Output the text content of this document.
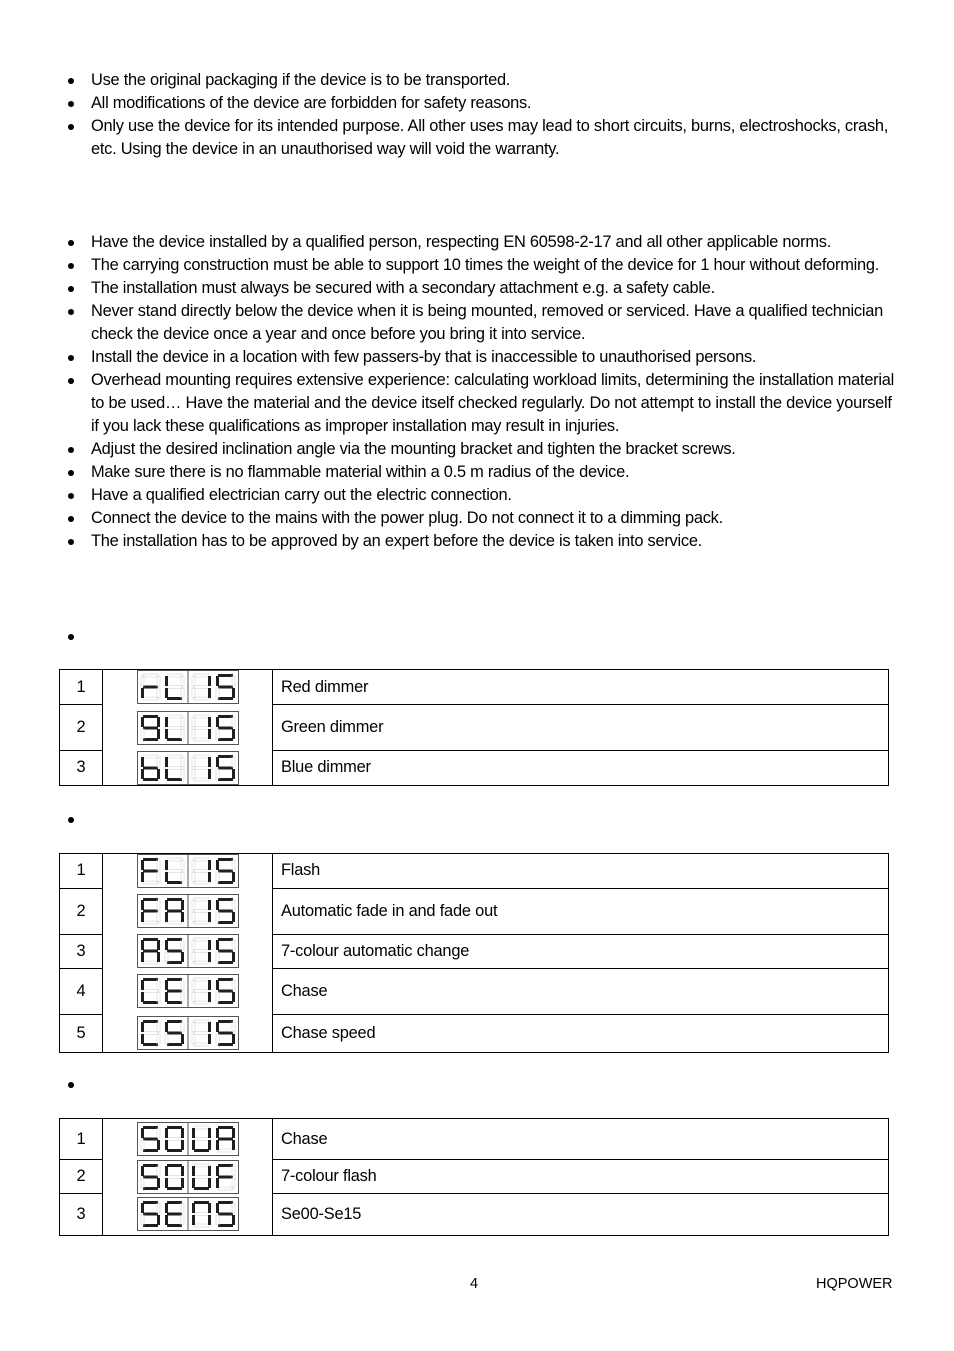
Use the original packaging if the device is to be transported.
All modifications of the device are forbidden for safety reasons.
Only use the device for its intended purpose. All other uses may lead to short circuits, burns, electroshocks, crash, etc. Using the device in an unauthorised way will void the warranty.
Have the device installed by a qualified person, respecting EN 60598-2-17 and all other applicable norms.
The carrying construction must be able to support 10 times the weight of the device for 1 hour without deforming.
The installation must always be secured with a secondary attachment e.g. a safety cable.
Never stand directly below the device when it is being mounted, removed or serviced. Have a qualified technician check the device once a year and once before you bring it into service.
Install the device in a location with few passers-by that is inaccessible to unauthorised persons.
Overhead mounting requires extensive experience: calculating workload limits, determining the installation material to be used… Have the material and the device itself checked regularly. Do not attempt to install the device yourself if you lack these qualifications as improper installation may result in injuries.
Adjust the desired inclination angle via the mounting bracket and tighten the bracket screws.
Make sure there is no flammable material within a 0.5 m radius of the device.
Have a qualified electrician carry out the electric connection.
Connect the device to the mains with the power plug. Do not connect it to a dimming pack.
The installation has to be approved by an expert before the device is taken into service.
1		Red dimmer
2		Green dimmer
3		Blue dimmer
1		Flash
2		Automatic fade in and fade out
3		7-colour automatic change
4		Chase
5		Chase speed
1		Chase
2		7-colour flash
3		Se00-Se15
4	HQPOWER
